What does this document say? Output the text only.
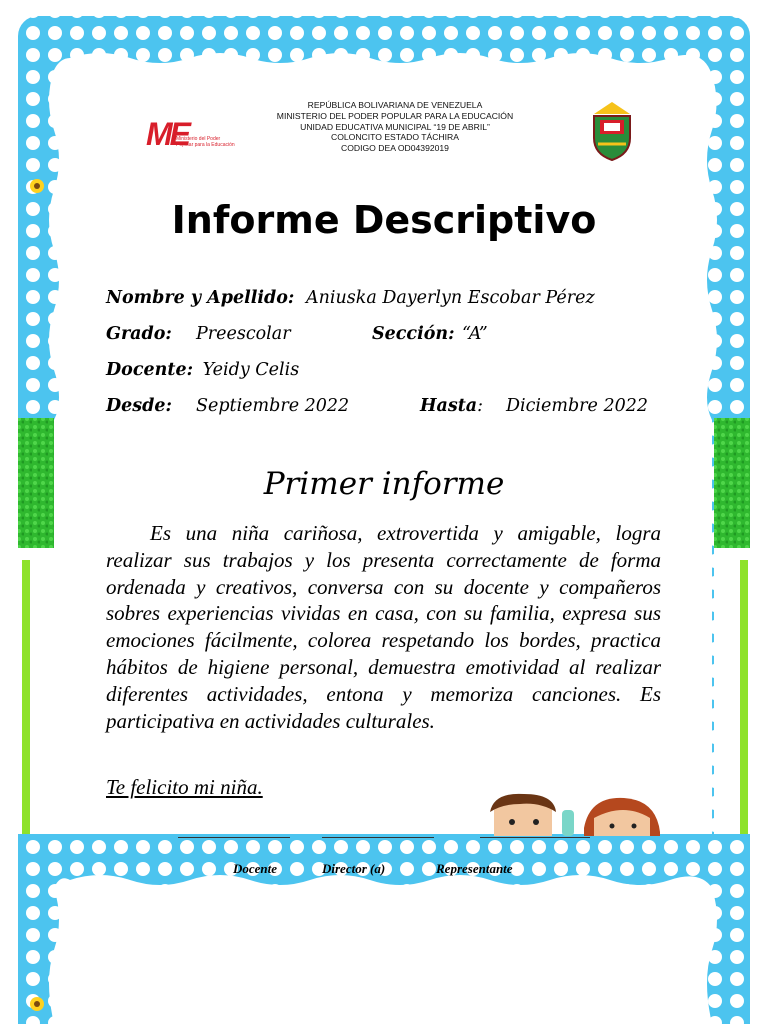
ME
Ministerio del Poder Popular para la Educación
REPÚBLICA BOLIVARIANA DE VENEZUELA
MINISTERIO DEL PODER POPULAR PARA LA EDUCACIÓN
UNIDAD EDUCATIVA MUNICIPAL “19 DE ABRIL”
COLONCITO ESTADO TÁCHIRA
CODIGO DEA OD04392019
Informe Descriptivo
Nombre y Apellido: Aniuska Dayerlyn Escobar Pérez
Grado: Preescolar	Sección: “A”
Docente: Yeidy Celis
Desde: Septiembre 2022	Hasta: Diciembre 2022
Primer informe

Es una niña cariñosa, extrovertida y amigable, logra realizar sus trabajos y los presenta correctamente de forma ordenada y creativos, conversa con su docente y compañeros sobres experiencias vividas en casa, con su familia, expresa sus emociones fácilmente, colorea respetando los bordes, practica hábitos de higiene personal, demuestra emotividad al realizar diferentes actividades, entona y memoriza canciones. Es participativa en actividades culturales.

Te felicito mi niña.
Docente	Director (a)	Representante
